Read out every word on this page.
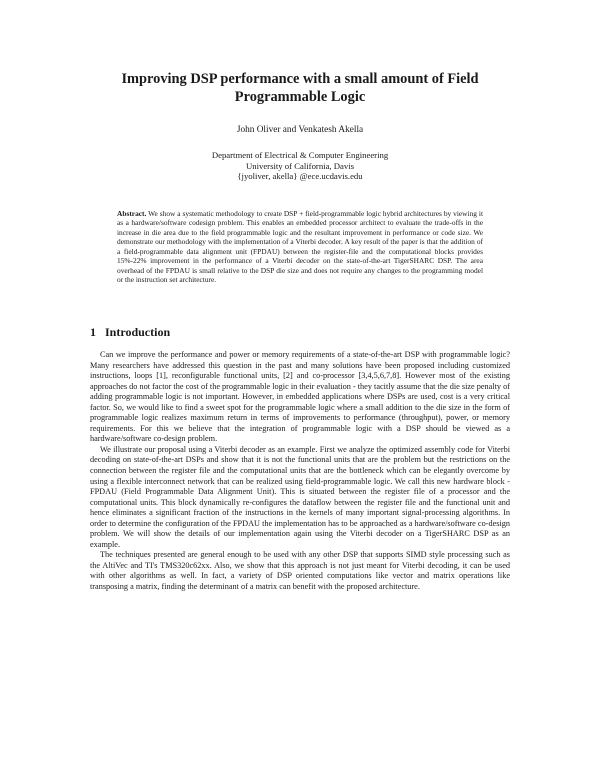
Improving DSP performance with a small amount of Field Programmable Logic
John Oliver and Venkatesh Akella
Department of Electrical & Computer Engineering
University of California, Davis
{jyoliver, akella} @ece.ucdavis.edu
Abstract. We show a systematic methodology to create DSP + field-programmable logic hybrid architectures by viewing it as a hardware/software codesign problem. This enables an embedded processor architect to evaluate the trade-offs in the increase in die area due to the field programmable logic and the resultant improvement in performance or code size. We demonstrate our methodology with the implementation of a Viterbi decoder. A key result of the paper is that the addition of a field-programmable data alignment unit (FPDAU) between the register-file and the computational blocks provides 15%-22% improvement in the performance of a Viterbi decoder on the state-of-the-art TigerSHARC DSP. The area overhead of the FPDAU is small relative to the DSP die size and does not require any changes to the programming model or the instruction set architecture.
1 Introduction

Can we improve the performance and power or memory requirements of a state-of-the-art DSP with programmable logic? Many researchers have addressed this question in the past and many solutions have been proposed including customized instructions, loops [1], reconfigurable functional units, [2] and co-processor [3,4,5,6,7,8]. However most of the existing approaches do not factor the cost of the programmable logic in their evaluation - they tacitly assume that the die size penalty of adding programmable logic is not important. However, in embedded applications where DSPs are used, cost is a very critical factor. So, we would like to find a sweet spot for the programmable logic where a small addition to the die size in the form of programmable logic realizes maximum return in terms of improvements to performance (throughput), power, or memory requirements. For this we believe that the integration of programmable logic with a DSP should be viewed as a hardware/software co-design problem.

We illustrate our proposal using a Viterbi decoder as an example. First we analyze the optimized assembly code for Viterbi decoding on state-of-the-art DSPs and show that it is not the functional units that are the problem but the restrictions on the connection between the register file and the computational units that are the bottleneck which can be elegantly overcome by using a flexible interconnect network that can be realized using field-programmable logic. We call this new hardware block - FPDAU (Field Programmable Data Alignment Unit). This is situated between the register file of a processor and the computational units. This block dynamically re-configures the dataflow between the register file and the functional unit and hence eliminates a significant fraction of the instructions in the kernels of many important signal-processing algorithms. In order to determine the configuration of the FPDAU the implementation has to be approached as a hardware/software co-design problem. We will show the details of our implementation again using the Viterbi decoder on a TigerSHARC DSP as an example.

The techniques presented are general enough to be used with any other DSP that supports SIMD style processing such as the AltiVec and TI's TMS320c62xx. Also, we show that this approach is not just meant for Viterbi decoding, it can be used with other algorithms as well. In fact, a variety of DSP oriented computations like vector and matrix operations like transposing a matrix, finding the determinant of a matrix can benefit with the proposed architecture.
